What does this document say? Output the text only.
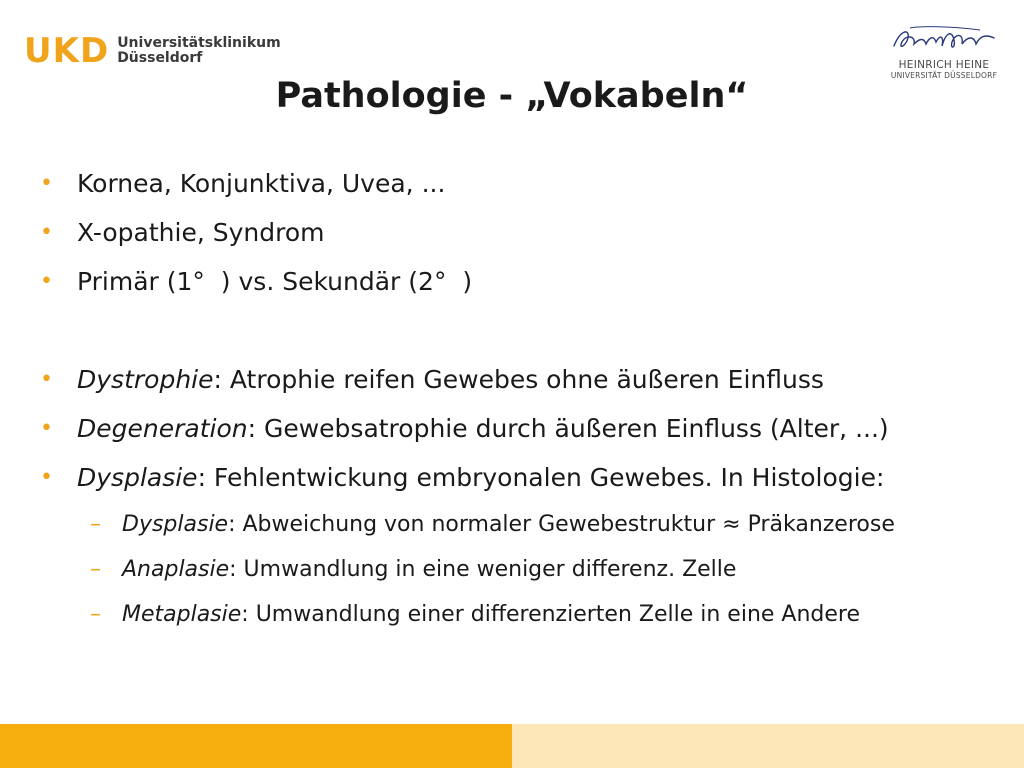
UKD Universitätsklinikum
Düsseldorf	HEINRICH HEINE
UNIVERSITÄT DÜSSELDORF
Pathologie - „Vokabeln“
• Kornea, Konjunktiva, Uvea, ...
• X-opathie, Syndrom
• Primär (1°  ) vs. Sekundär (2°  )
• Dystrophie: Atrophie reifen Gewebes ohne äußeren Einfluss
• Degeneration: Gewebsatrophie durch äußeren Einfluss (Alter, ...)
• Dysplasie: Fehlentwickung embryonalen Gewebes. In Histologie:
– Dysplasie: Abweichung von normaler Gewebestruktur ≈ Präkanzerose
– Anaplasie: Umwandlung in eine weniger differenz. Zelle
– Metaplasie: Umwandlung einer differenzierten Zelle in eine Andere
